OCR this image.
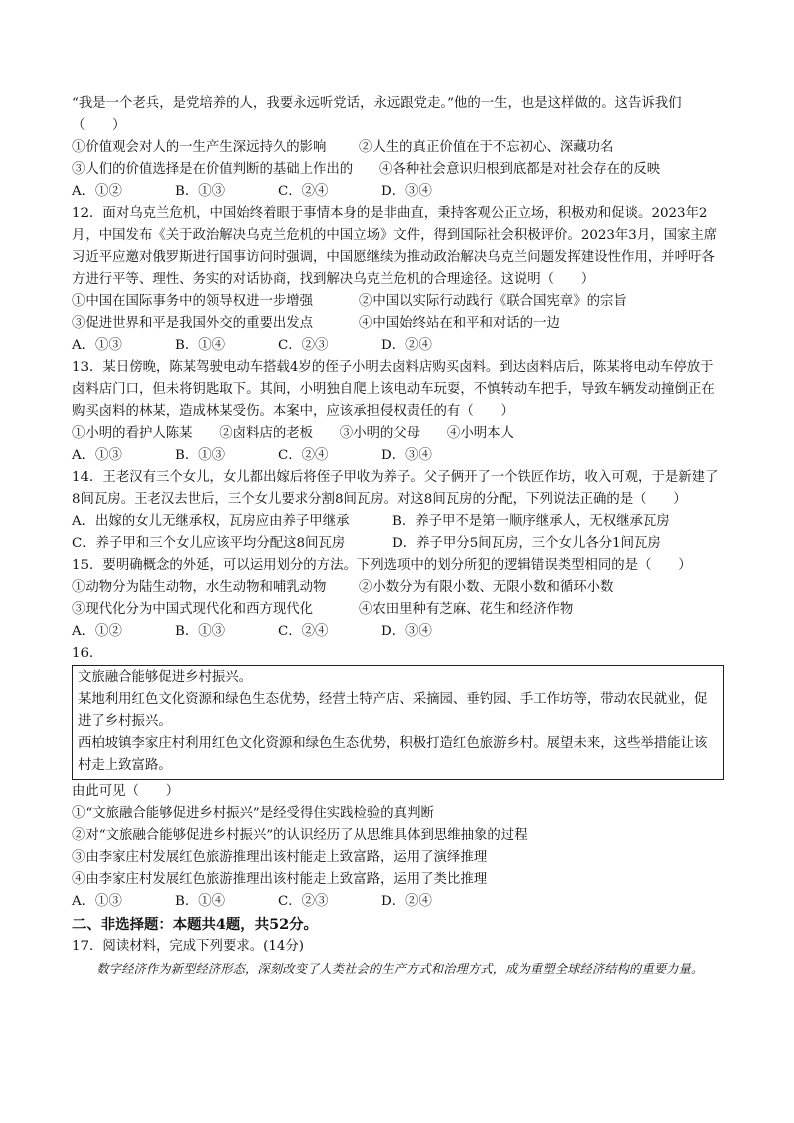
“我是一个老兵，是党培养的人，我要永远听党话，永远跟党走。”他的一生，也是这样做的。这告诉我们

（　　）

①价值观会对人的一生产生深远持久的影响	②人生的真正价值在于不忘初心、深藏功名
③人们的价值选择是在价值判断的基础上作出的	④各种社会意识归根到底都是对社会存在的反映
A．①②	B．①③	C．②④	D．③④

12．面对乌克兰危机，中国始终着眼于事情本身的是非曲直，秉持客观公正立场，积极劝和促谈。2023年2月，中国发布《关于政治解决乌克兰危机的中国立场》文件，得到国际社会积极评价。2023年3月，国家主席习近平应邀对俄罗斯进行国事访问时强调，中国愿继续为推动政治解决乌克兰问题发挥建设性作用，并呼吁各方进行平等、理性、务实的对话协商，找到解决乌克兰危机的合理途径。这说明（　　）

①中国在国际事务中的领导权进一步增强	②中国以实际行动践行《联合国宪章》的宗旨
③促进世界和平是我国外交的重要出发点	④中国始终站在和平和对话的一边
A．①③	B．①④	C．②③	D．②④

13．某日傍晚，陈某驾驶电动车搭载4岁的侄子小明去卤料店购买卤料。到达卤料店后，陈某将电动车停放于卤料店门口，但未将钥匙取下。其间，小明独自爬上该电动车玩耍，不慎转动车把手，导致车辆发动撞倒正在购买卤料的林某，造成林某受伤。本案中，应该承担侵权责任的有（　　）

①小明的看护人陈某　　②卤料店的老板　　③小明的父母　　④小明本人

A．①③	B．①③	C．②④	D．③④

14．王老汉有三个女儿，女儿都出嫁后将侄子甲收为养子。父子俩开了一个铁匠作坊，收入可观，于是新建了8间瓦房。王老汉去世后，三个女儿要求分割8间瓦房。对这8间瓦房的分配，下列说法正确的是（　　）

A．出嫁的女儿无继承权，瓦房应由养子甲继承	B．养子甲不是第一顺序继承人，无权继承瓦房
C．养子甲和三个女儿应该平均分配这8间瓦房	D．养子甲分5间瓦房，三个女儿各分1间瓦房

15．要明确概念的外延，可以运用划分的方法。下列选项中的划分所犯的逻辑错误类型相同的是（　　）

①动物分为陆生动物，水生动物和哺乳动物	②小数分为有限小数、无限小数和循环小数
③现代化分为中国式现代化和西方现代化	④农田里种有芝麻、花生和经济作物
A．①②	B．①③	C．②④	D．③④

16．

文旅融合能够促进乡村振兴。

某地利用红色文化资源和绿色生态优势，经营土特产店、采摘园、垂钓园、手工作坊等，带动农民就业，促进了乡村振兴。

西柏坡镇李家庄村利用红色文化资源和绿色生态优势，积极打造红色旅游乡村。展望未来，这些举措能让该村走上致富路。

由此可见（　　）

①“文旅融合能够促进乡村振兴”是经受得住实践检验的真判断

②对“文旅融合能够促进乡村振兴”的认识经历了从思维具体到思维抽象的过程

③由李家庄村发展红色旅游推理出该村能走上致富路，运用了演绎推理

④由李家庄村发展红色旅游推理出该村能走上致富路，运用了类比推理

A．①③	B．①④	C．②③	D．②④

二、非选择题：本题共4题，共52分。

17．阅读材料，完成下列要求。(14分)

数字经济作为新型经济形态，深刻改变了人类社会的生产方式和治理方式，成为重塑全球经济结构的重要力量。
